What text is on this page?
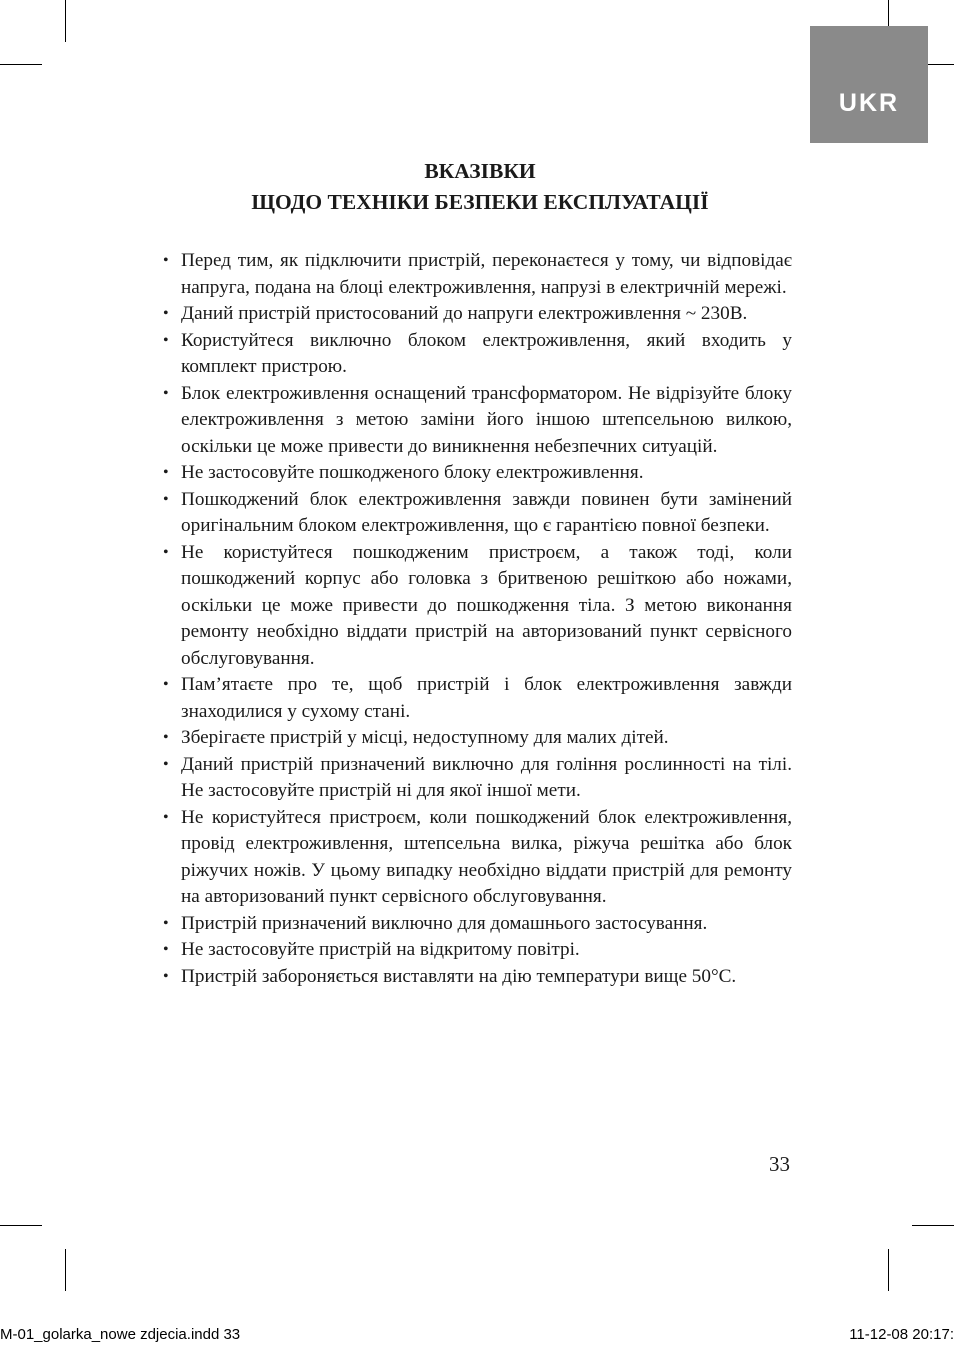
UKR
ВКАЗІВКИ
ЩОДО ТЕХНІКИ БЕЗПЕКИ ЕКСПЛУАТАЦІЇ

• Перед тим, як підключити пристрій, переконаєтеся у тому, чи відповідає напруга, подана на блоці електроживлення, напрузі в електричній мережі.

• Даний пристрій пристосований до напруги електроживлення ~ 230В.

• Користуйтеся виключно блоком електроживлення, який входить у комплект пристрою.

• Блок електроживлення оснащений трансформатором. Не відрізуйте блоку електроживлення з метою заміни його іншою штепсельною вилкою, оскільки це може привести до виникнення небезпечних ситуацій.

• Не застосовуйте пошкодженого блоку електроживлення.

• Пошкоджений блок електроживлення завжди повинен бути замінений оригінальним блоком електроживлення, що є гарантією повної безпеки.

• Не користуйтеся пошкодженим пристроєм, а також тоді, коли пошкоджений корпус або головка з бритвеною решіткою або ножами, оскільки це може привести до пошкодження тіла. З метою виконання ремонту необхідно віддати пристрій на авторизований пункт сервісного обслуговування.

• Пам’ятаєте про те, щоб пристрій і блок електроживлення завжди знаходилися у сухому стані.

• Зберігаєте пристрій у місці, недоступному для малих дітей.

• Даний пристрій призначений виключно для гоління рослинності на тілі. Не застосовуйте пристрій ні для якої іншої мети.

• Не користуйтеся пристроєм, коли пошкоджений блок електроживлення, провід електроживлення, штепсельна вилка, ріжуча решітка або блок ріжучих ножів. У цьому випадку необхідно віддати пристрій для ремонту на авторизований пункт сервісного обслуговування.

• Пристрій призначений виключно для домашнього застосування.

• Не застосовуйте пристрій на відкритому повітрі.

• Пристрій забороняється виставляти на дію температури вище 50°С.

33
M-01_golarka_nowe zdjecia.indd 33	11-12-08 20:17:
